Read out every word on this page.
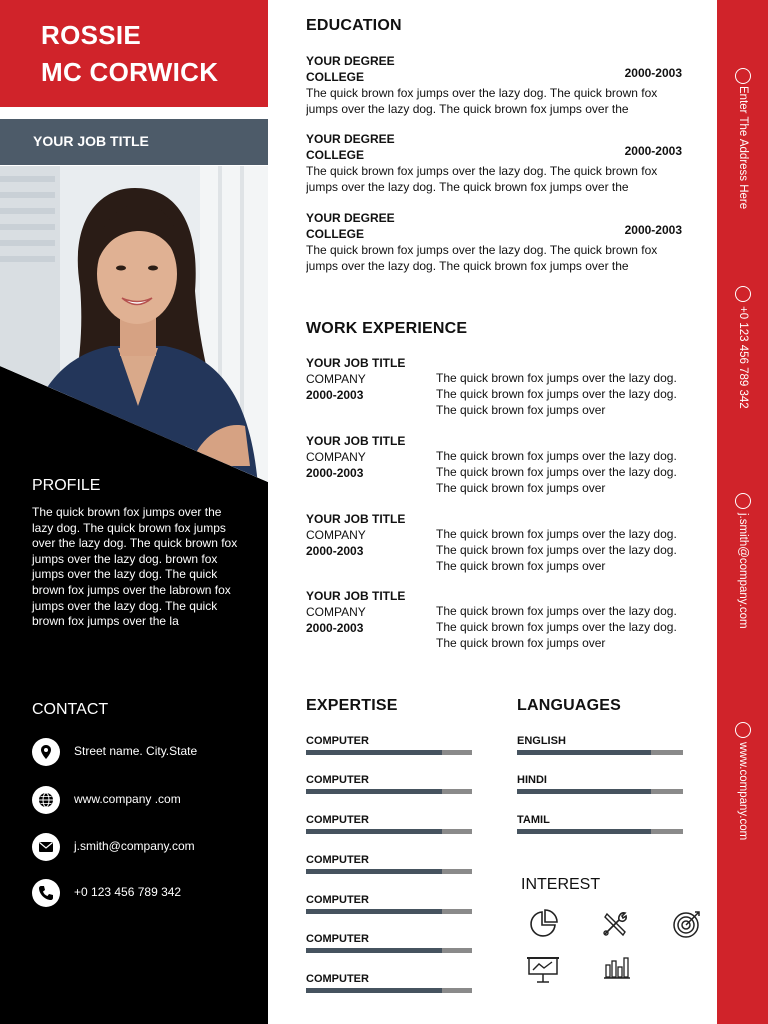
ROSSIE
MC CORWICK
YOUR JOB TITLE
PROFILE
The quick brown fox jumps over the lazy dog. The quick brown fox jumps over the lazy dog. The quick brown fox jumps over the lazy dog. brown fox jumps over the lazy dog. The quick brown fox jumps over the labrown fox jumps over the lazy dog. The quick brown fox jumps over the la
CONTACT
Street name. City.State
www.company .com
j.smith@company.com
+0 123 456 789 342
EDUCATION
YOUR DEGREE
COLLEGE	2000-2003
The quick brown fox jumps over the lazy dog. The quick brown fox jumps over the lazy dog. The quick brown fox jumps over the
YOUR DEGREE
COLLEGE	2000-2003
The quick brown fox jumps over the lazy dog. The quick brown fox jumps over the lazy dog. The quick brown fox jumps over the
YOUR DEGREE
COLLEGE	2000-2003
The quick brown fox jumps over the lazy dog. The quick brown fox jumps over the lazy dog. The quick brown fox jumps over the
WORK EXPERIENCE
YOUR JOB TITLE
COMPANY
2000-2003
The quick brown fox jumps over the lazy dog. The quick brown fox jumps over the lazy dog. The quick brown fox jumps over
YOUR JOB TITLE
COMPANY
2000-2003
The quick brown fox jumps over the lazy dog. The quick brown fox jumps over the lazy dog. The quick brown fox jumps over
YOUR JOB TITLE
COMPANY
2000-2003
The quick brown fox jumps over the lazy dog. The quick brown fox jumps over the lazy dog. The quick brown fox jumps over
YOUR JOB TITLE
COMPANY
2000-2003
The quick brown fox jumps over the lazy dog. The quick brown fox jumps over the lazy dog. The quick brown fox jumps over
EXPERTISE	LANGUAGES
COMPUTER
COMPUTER
COMPUTER
COMPUTER
COMPUTER
COMPUTER
COMPUTER
ENGLISH
HINDI
TAMIL
INTEREST
Enter The Address Here
+0 123 456 789 342
j.smith@company.com
www.company.com
